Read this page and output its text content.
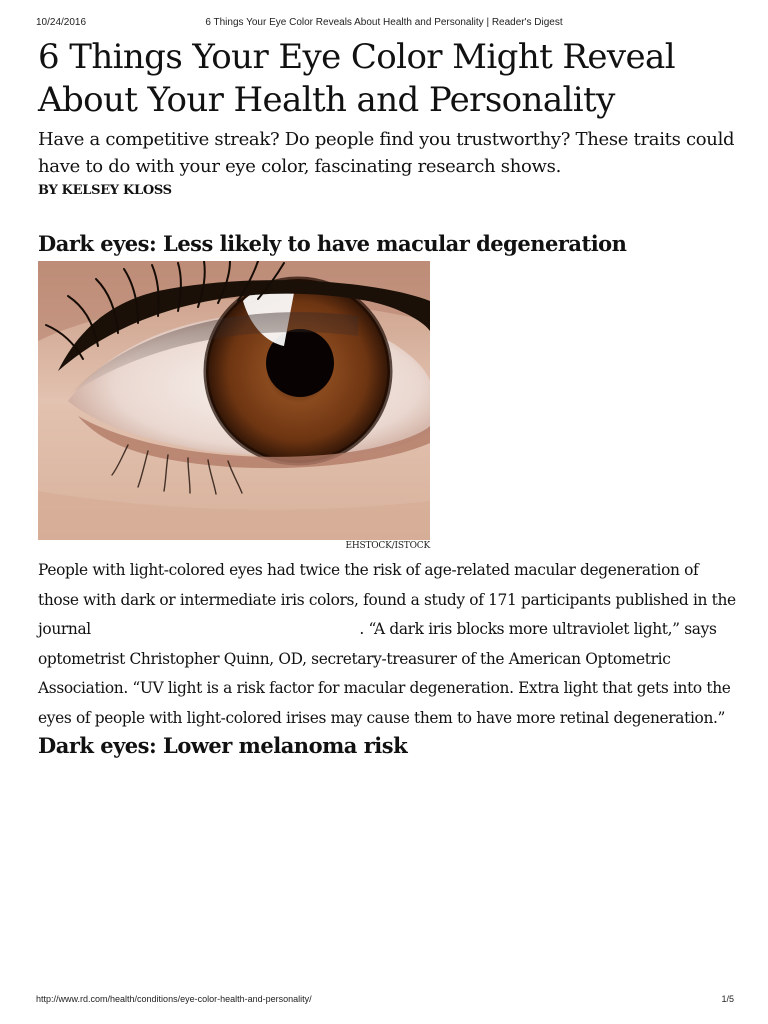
10/24/2016	6 Things Your Eye Color Reveals About Health and Personality | Reader's Digest
6 Things Your Eye Color Might Reveal About Your Health and Personality

Have a competitive streak? Do people find you trustworthy? These traits could have to do with your eye color, fascinating research shows.

BY KELSEY KLOSS

Dark eyes: Less likely to have macular degeneration
EHSTOCK/ISTOCK

People with light-colored eyes had twice the risk of age-related macular degeneration of those with dark or intermediate iris colors, found a study of 171 participants published in the journal	. “A dark iris blocks more ultraviolet light,” says optometrist Christopher Quinn, OD, secretary-treasurer of the American Optometric Association. “UV light is a risk factor for macular degeneration. Extra light that gets into the eyes of people with light-colored irises may cause them to have more retinal degeneration.”

Dark eyes: Lower melanoma risk
http://www.rd.com/health/conditions/eye-color-health-and-personality/	1/5
